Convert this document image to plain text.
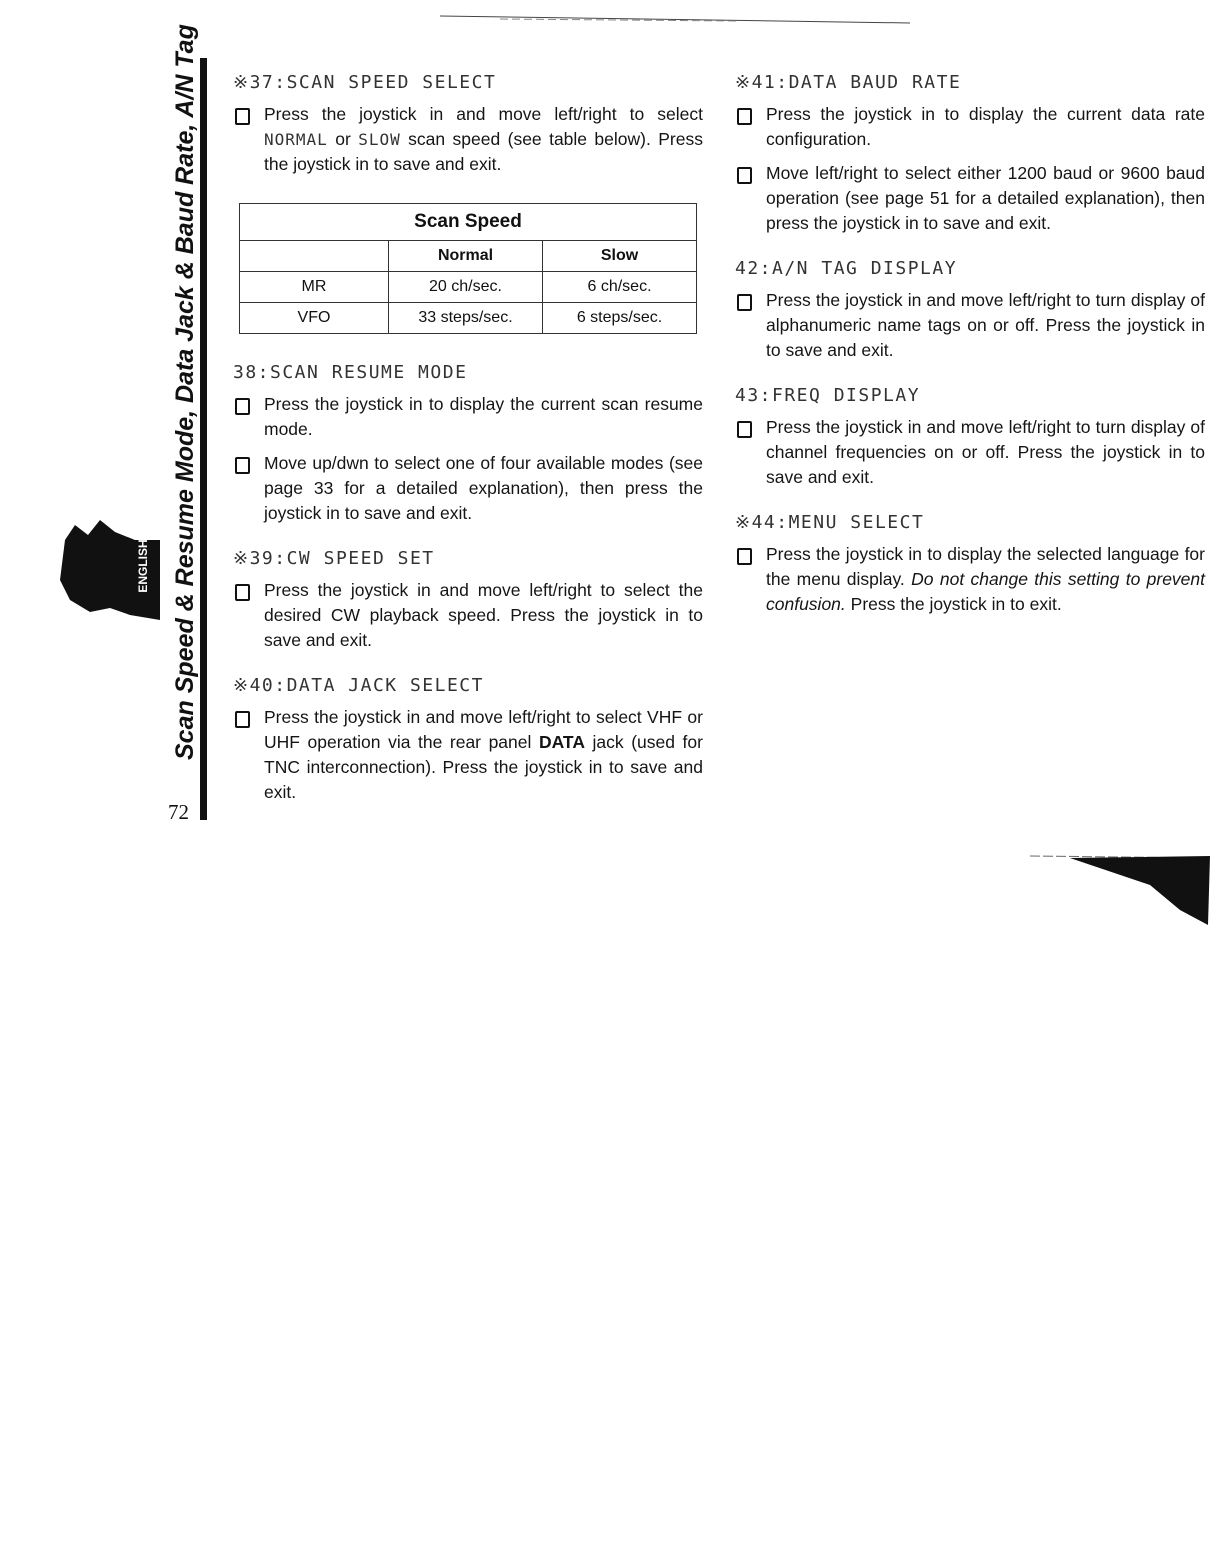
Scan Speed & Resume Mode, Data Jack & Baud Rate, A/N Tag
72
ENGLISH
※37:SCAN SPEED SELECT
Press the joystick in and move left/right to select NORMAL or SLOW scan speed (see table below). Press the joystick in to save and exit.
Scan Speed		
	Normal	Slow
MR	20 ch/sec.	6 ch/sec.
VFO	33 steps/sec.	6 steps/sec.
38:SCAN RESUME MODE
Press the joystick in to display the current scan resume mode.
Move up/dwn to select one of four available modes (see page 33 for a detailed explanation), then press the joystick in to save and exit.
※39:CW SPEED SET
Press the joystick in and move left/right to select the desired CW playback speed. Press the joystick in to save and exit.
※40:DATA JACK SELECT
Press the joystick in and move left/right to select VHF or UHF operation via the rear panel DATA jack (used for TNC interconnection). Press the joystick in to save and exit.
※41:DATA BAUD RATE
Press the joystick in to display the current data rate configuration.
Move left/right to select either 1200 baud or 9600 baud operation (see page 51 for a detailed explanation), then press the joystick in to save and exit.
42:A/N TAG DISPLAY
Press the joystick in and move left/right to turn display of alphanumeric name tags on or off. Press the joystick in to save and exit.
43:FREQ DISPLAY
Press the joystick in and move left/right to turn display of channel frequencies on or off. Press the joystick in to save and exit.
※44:MENU SELECT
Press the joystick in to display the selected language for the menu display. Do not change this setting to prevent confusion. Press the joystick in to exit.
